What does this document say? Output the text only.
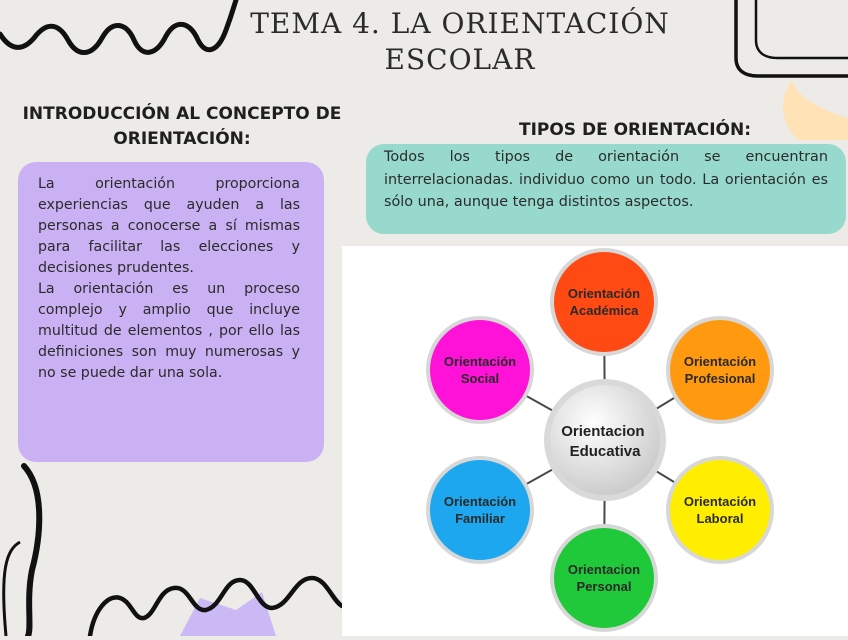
TEMA 4. LA ORIENTACIÓN
ESCOLAR
INTRODUCCIÓN AL CONCEPTO DE
ORIENTACIÓN:

La orientación proporciona experiencias que ayuden a las personas a conocerse a sí mismas para facilitar las elecciones y decisiones prudentes.

La orientación es un proceso complejo y amplio que incluye multitud de elementos , por ello las definiciones son muy numerosas y no se puede dar una sola.

TIPOS DE ORIENTACIÓN:
Todos los tipos de orientación se encuentran interrelacionadas. individuo como un todo. La orientación es sólo una, aunque tenga distintos aspectos.
Orientación Académica
Orientación Profesional
Orientación Laboral
Orientacion Personal
Orientación Familiar
Orientación Social
Orientacion Educativa
